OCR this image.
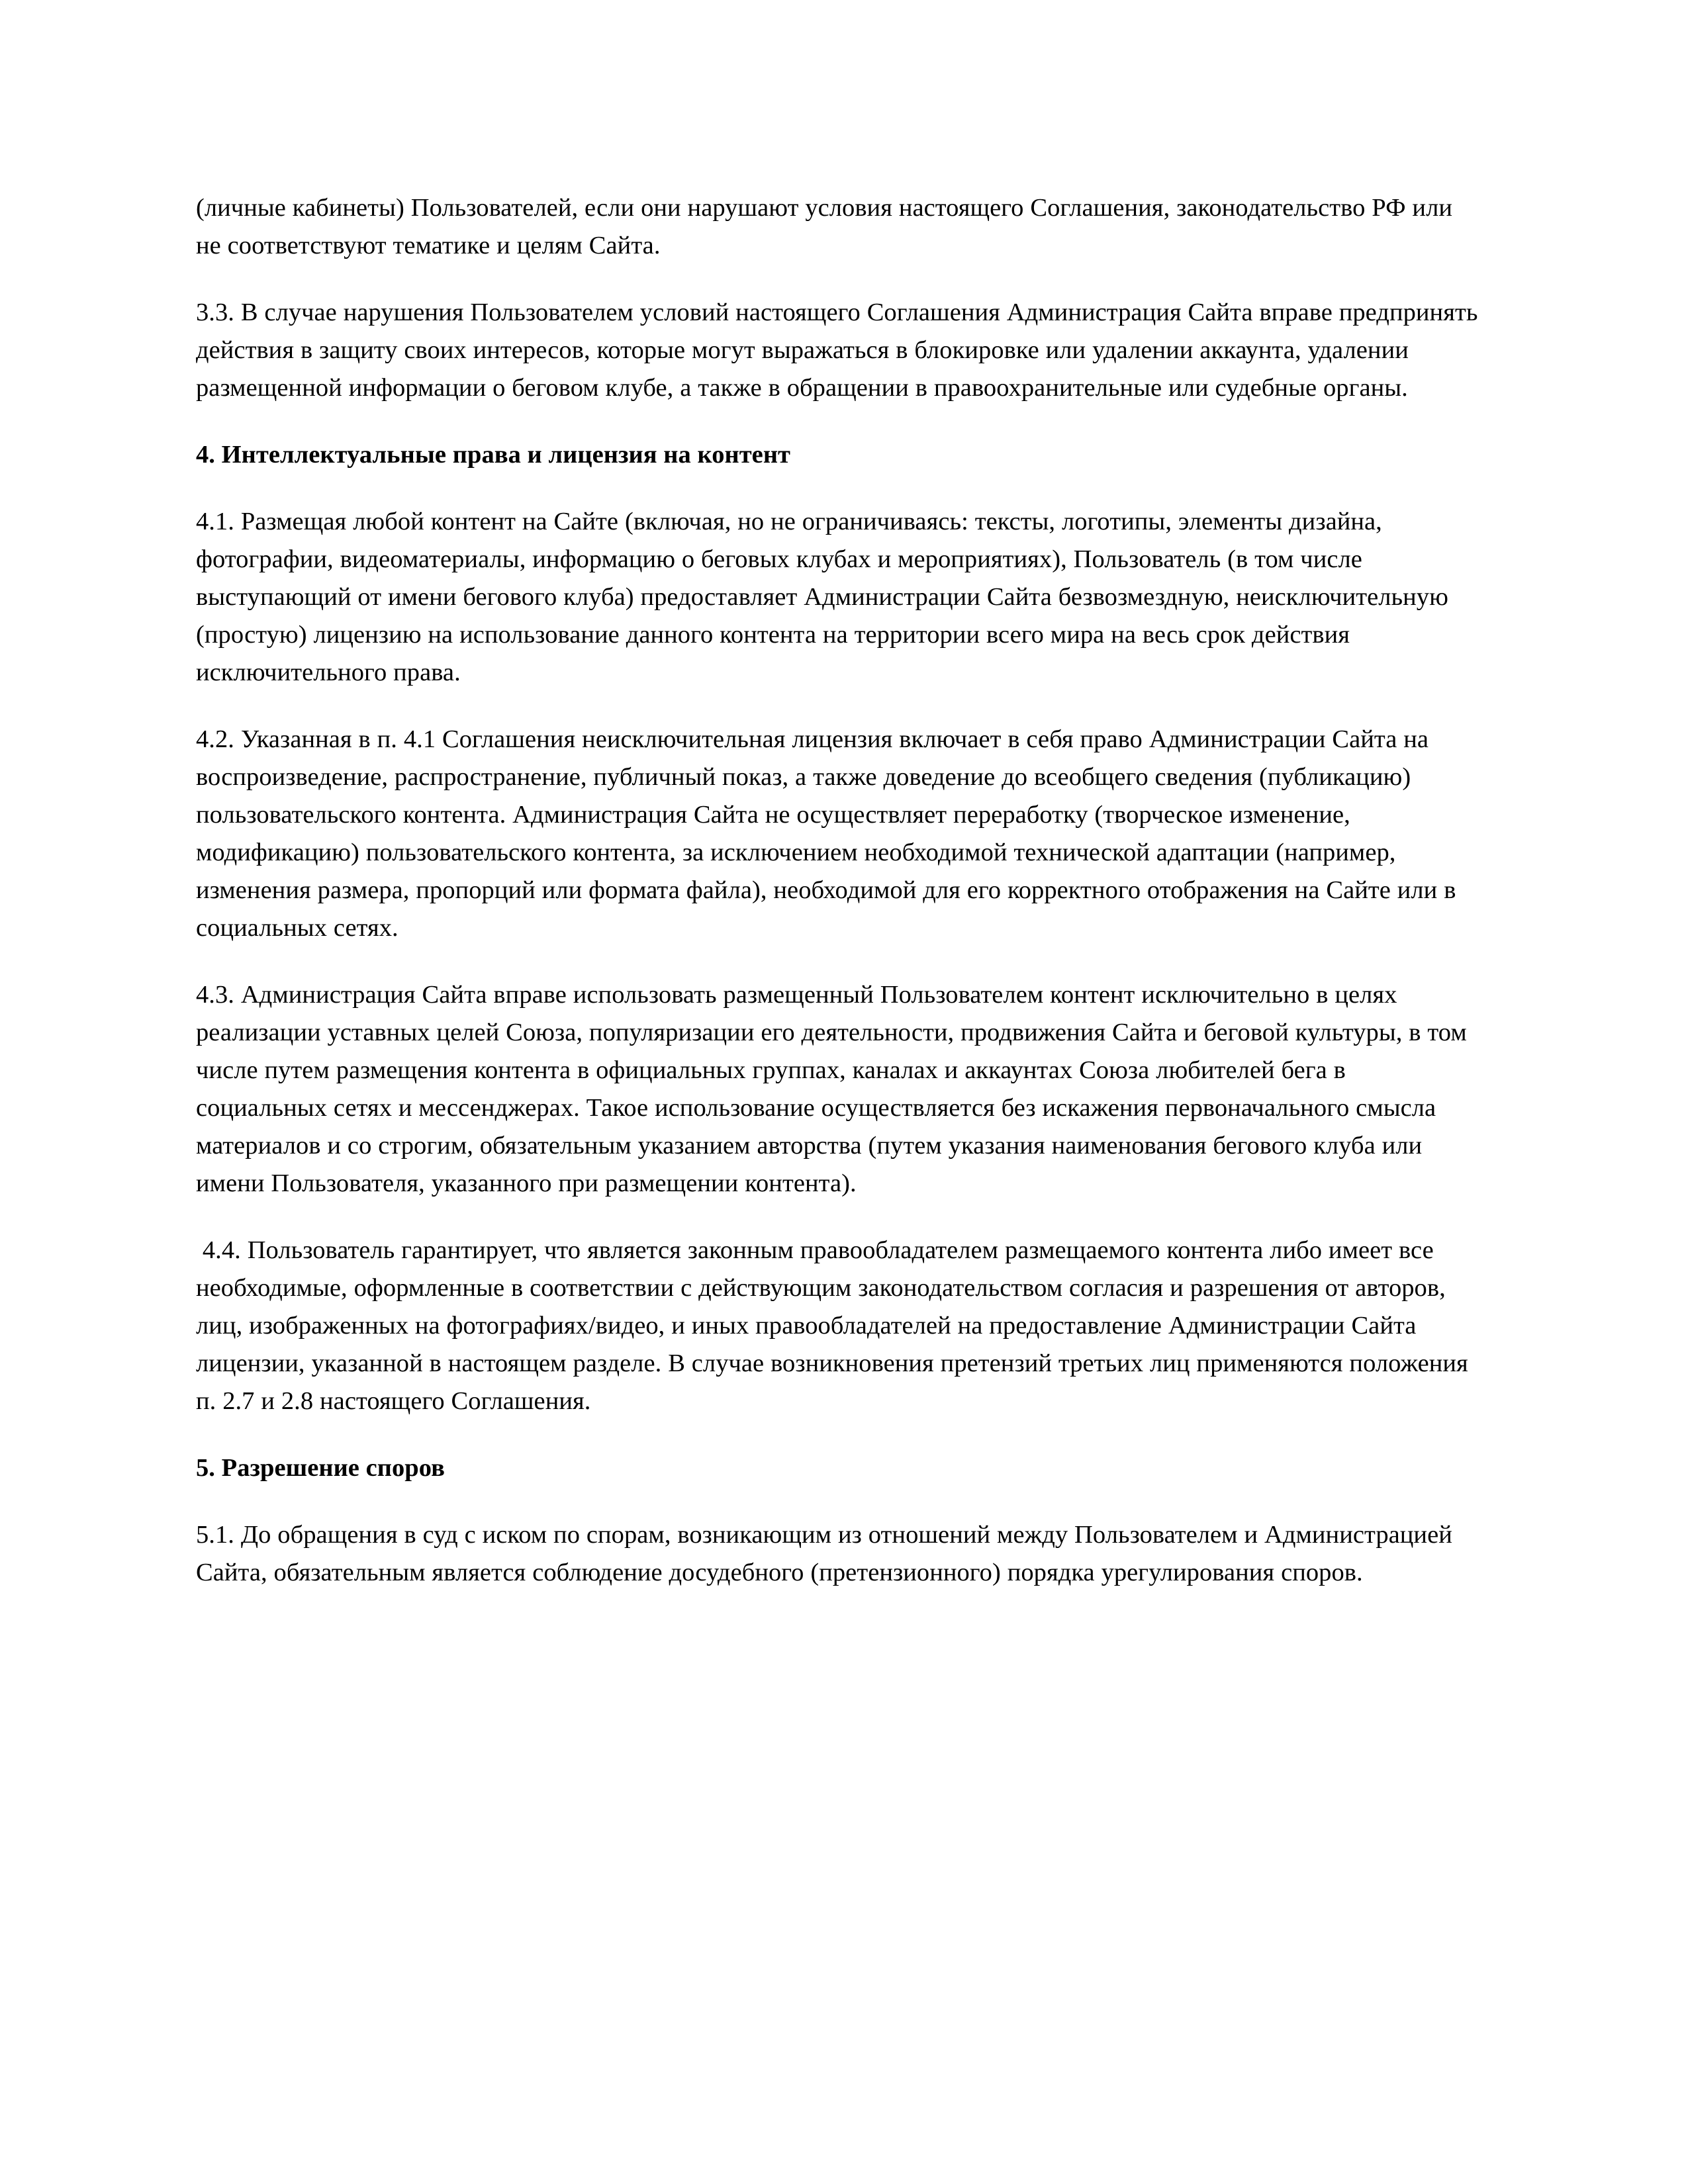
(личные кабинеты) Пользователей, если они нарушают условия настоящего Соглашения, законодательство РФ или не соответствуют тематике и целям Сайта.

3.3. В случае нарушения Пользователем условий настоящего Соглашения Администрация Сайта вправе предпринять действия в защиту своих интересов, которые могут выражаться в блокировке или удалении аккаунта, удалении размещенной информации о беговом клубе, а также в обращении в правоохранительные или судебные органы.

4. Интеллектуальные права и лицензия на контент

4.1. Размещая любой контент на Сайте (включая, но не ограничиваясь: тексты, логотипы, элементы дизайна, фотографии, видеоматериалы, информацию о беговых клубах и мероприятиях), Пользователь (в том числе выступающий от имени бегового клуба) предоставляет Администрации Сайта безвозмездную, неисключительную (простую) лицензию на использование данного контента на территории всего мира на весь срок действия исключительного права.

4.2. Указанная в п. 4.1 Соглашения неисключительная лицензия включает в себя право Администрации Сайта на воспроизведение, распространение, публичный показ, а также доведение до всеобщего сведения (публикацию) пользовательского контента. Администрация Сайта не осуществляет переработку (творческое изменение, модификацию) пользовательского контента, за исключением необходимой технической адаптации (например, изменения размера, пропорций или формата файла), необходимой для его корректного отображения на Сайте или в социальных сетях.

4.3. Администрация Сайта вправе использовать размещенный Пользователем контент исключительно в целях реализации уставных целей Союза, популяризации его деятельности, продвижения Сайта и беговой культуры, в том числе путем размещения контента в официальных группах, каналах и аккаунтах Союза любителей бега в социальных сетях и мессенджерах. Такое использование осуществляется без искажения первоначального смысла материалов и со строгим, обязательным указанием авторства (путем указания наименования бегового клуба или имени Пользователя, указанного при размещении контента).

4.4. Пользователь гарантирует, что является законным правообладателем размещаемого контента либо имеет все необходимые, оформленные в соответствии с действующим законодательством согласия и разрешения от авторов, лиц, изображенных на фотографиях/видео, и иных правообладателей на предоставление Администрации Сайта лицензии, указанной в настоящем разделе. В случае возникновения претензий третьих лиц применяются положения п. 2.7 и 2.8 настоящего Соглашения.

5. Разрешение споров

5.1. До обращения в суд с иском по спорам, возникающим из отношений между Пользователем и Администрацией Сайта, обязательным является соблюдение досудебного (претензионного) порядка урегулирования споров.
